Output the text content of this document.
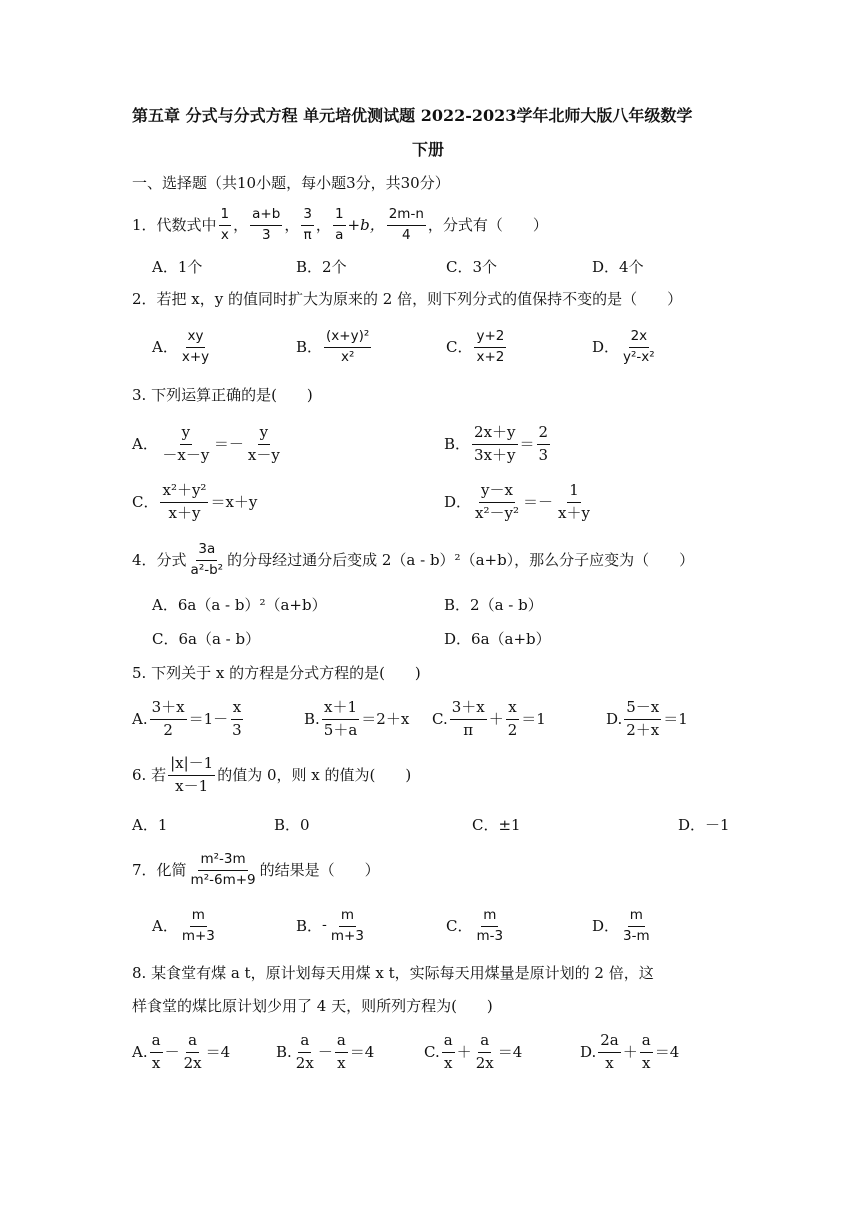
第五章 分式与分式方程 单元培优测试题 2022-2023学年北师大版八年级数学
下册
一、选择题（共10小题，每小题3分，共30分）
1．代数式中 $\frac{1}{x}$ ， $\frac{a+b}{3}$ ， $\frac{3}{\pi}$ ， $\frac{1}{a} +b$， $\frac{2m-n}{4}$ ，分式有（　　）
A．1个	B．2个	C．3个	D．4个
2．若把 x，y 的值同时扩大为原来的 2 倍，则下列分式的值保持不变的是（　　）
A． $\frac{xy}{x+y}$	B． $\frac{\text{(x+y)²}}{\text{x²}}$	C． $\frac{y+2}{x+2}$	D． $\frac{2x}{\text{y²-x²}}$
3. 下列运算正确的是(　　)
A． $\frac{y}{-x-y} =- \frac{y}{x-y}$	B． $\frac{2x+y}{3x+y} = \frac{2}{3}$
C． $\frac{\text{x²＋y²}}{x+y} =x+y$	D． $\frac{y-x}{\text{x²－y²}} =- \frac{1}{x+y}$
4．分式 $\frac{3a}{\text{a²-b²}}$ 的分母经过通分后变成 2（a - b）²（a+b），那么分子应变为（　　）
A．6a（a - b）²（a+b）	B．2（a - b）
C．6a（a - b）	D．6a（a+b）
5. 下列关于 x 的方程是分式方程的是(　　)
A. $\frac{3+x}{2} =1- \frac{x}{3}$	B. $\frac{x+1}{5+a} =2+x$ C. $\frac{3+x}{\pi} + \frac{x}{2} =1$	D. $\frac{5-x}{2+x} =1$
6. 若 $\frac{|x|-1}{x-1}$ 的值为 0，则 x 的值为(　　)
A．1	B．0	C．±1	D．－1
7．化简 $\frac{\text{m²-3m}}{\text{m²-6m+9}}$ 的结果是（　　）
A． $\frac{m}{m+3}$	B． - $\frac{m}{m+3}$	C． $\frac{m}{m-3}$	D． $\frac{m}{3-m}$
8. 某食堂有煤 a t，原计划每天用煤 x t，实际每天用煤量是原计划的 2 倍，这
样食堂的煤比原计划少用了 4 天，则所列方程为(　　)
A. $\frac{a}{x} - \frac{a}{2x} =4$	B. $\frac{a}{2x} - \frac{a}{x} =4$	C. $\frac{a}{x} + \frac{a}{2x} =4$	D. $\frac{2a}{x} + \frac{a}{x} =4$
